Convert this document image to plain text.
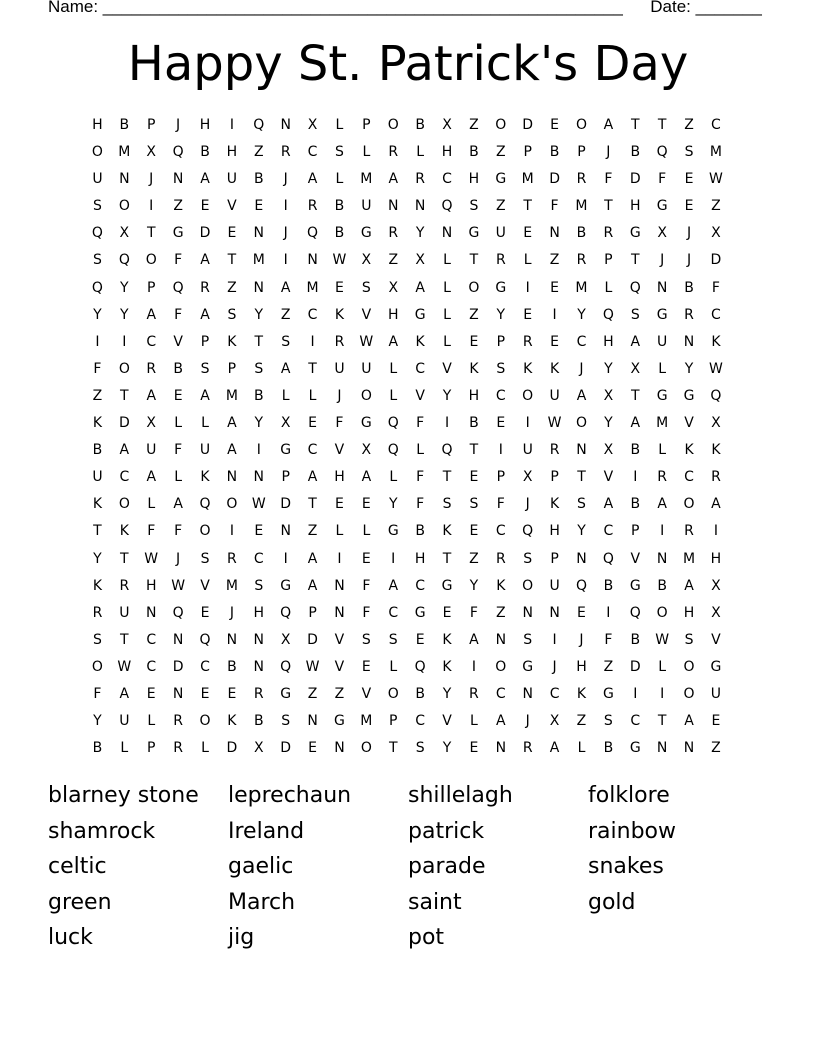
Name: _______________________________________________________ Date: _______
Happy St. Patrick's Day
H	B	P	J	H	I	Q	N	X	L	P	O	B	X	Z	O	D	E	O	A	T	T	Z	C
O	M	X	Q	B	H	Z	R	C	S	L	R	L	H	B	Z	P	B	P	J	B	Q	S	M
U	N	J	N	A	U	B	J	A	L	M	A	R	C	H	G	M	D	R	F	D	F	E	W
S	O	I	Z	E	V	E	I	R	B	U	N	N	Q	S	Z	T	F	M	T	H	G	E	Z
Q	X	T	G	D	E	N	J	Q	B	G	R	Y	N	G	U	E	N	B	R	G	X	J	X
S	Q	O	F	A	T	M	I	N	W	X	Z	X	L	T	R	L	Z	R	P	T	J	J	D
Q	Y	P	Q	R	Z	N	A	M	E	S	X	A	L	O	G	I	E	M	L	Q	N	B	F
Y	Y	A	F	A	S	Y	Z	C	K	V	H	G	L	Z	Y	E	I	Y	Q	S	G	R	C
I	I	C	V	P	K	T	S	I	R	W	A	K	L	E	P	R	E	C	H	A	U	N	K
F	O	R	B	S	P	S	A	T	U	U	L	C	V	K	S	K	K	J	Y	X	L	Y	W
Z	T	A	E	A	M	B	L	L	J	O	L	V	Y	H	C	O	U	A	X	T	G	G	Q
K	D	X	L	L	A	Y	X	E	F	G	Q	F	I	B	E	I	W	O	Y	A	M	V	X
B	A	U	F	U	A	I	G	C	V	X	Q	L	Q	T	I	U	R	N	X	B	L	K	K
U	C	A	L	K	N	N	P	A	H	A	L	F	T	E	P	X	P	T	V	I	R	C	R
K	O	L	A	Q	O	W	D	T	E	E	Y	F	S	S	F	J	K	S	A	B	A	O	A
T	K	F	F	O	I	E	N	Z	L	L	G	B	K	E	C	Q	H	Y	C	P	I	R	I
Y	T	W	J	S	R	C	I	A	I	E	I	H	T	Z	R	S	P	N	Q	V	N	M	H
K	R	H	W	V	M	S	G	A	N	F	A	C	G	Y	K	O	U	Q	B	G	B	A	X
R	U	N	Q	E	J	H	Q	P	N	F	C	G	E	F	Z	N	N	E	I	Q	O	H	X
S	T	C	N	Q	N	N	X	D	V	S	S	E	K	A	N	S	I	J	F	B	W	S	V
O	W	C	D	C	B	N	Q	W	V	E	L	Q	K	I	O	G	J	H	Z	D	L	O	G
F	A	E	N	E	E	R	G	Z	Z	V	O	B	Y	R	C	N	C	K	G	I	I	O	U
Y	U	L	R	O	K	B	S	N	G	M	P	C	V	L	A	J	X	Z	S	C	T	A	E
B	L	P	R	L	D	X	D	E	N	O	T	S	Y	E	N	R	A	L	B	G	N	N	Z
blarney stone	leprechaun	shillelagh	folklore
shamrock	Ireland	patrick	rainbow
celtic	gaelic	parade	snakes
green	March	saint	gold
luck	jig	pot
